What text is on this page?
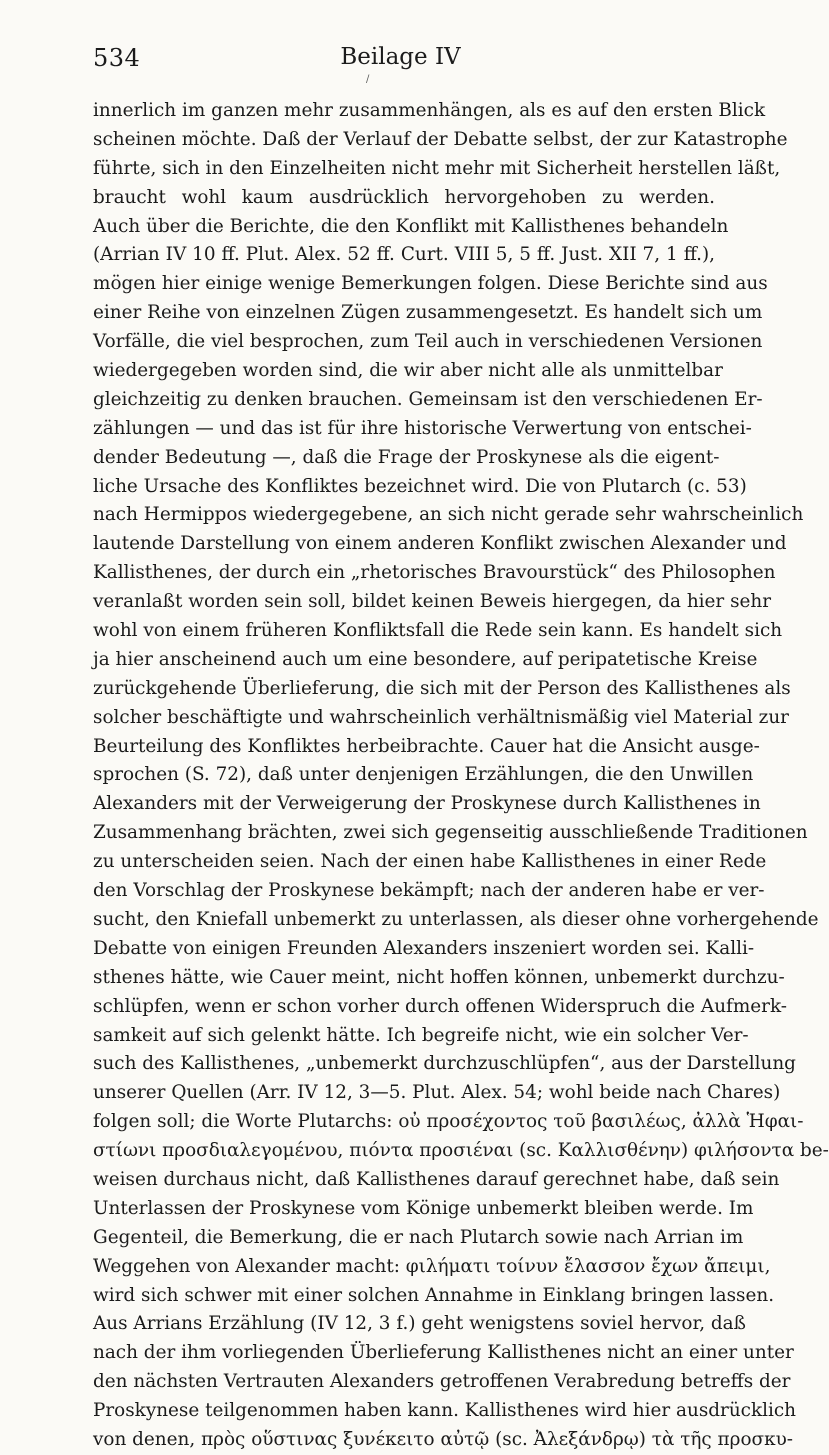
534	Beilage IV
/
innerlich im ganzen mehr zusammenhängen, als es auf den ersten Blick
scheinen möchte. Daß der Verlauf der Debatte selbst, der zur Katastrophe
führte, sich in den Einzelheiten nicht mehr mit Sicherheit herstellen läßt,
braucht wohl kaum ausdrücklich hervorgehoben zu werden.
Auch über die Berichte, die den Konflikt mit Kallisthenes behandeln
(Arrian IV 10 ff. Plut. Alex. 52 ff. Curt. VIII 5, 5 ff. Just. XII 7, 1 ff.),
mögen hier einige wenige Bemerkungen folgen. Diese Berichte sind aus
einer Reihe von einzelnen Zügen zusammengesetzt. Es handelt sich um
Vorfälle, die viel besprochen, zum Teil auch in verschiedenen Versionen
wiedergegeben worden sind, die wir aber nicht alle als unmittelbar
gleichzeitig zu denken brauchen. Gemeinsam ist den verschiedenen Er-
zählungen — und das ist für ihre historische Verwertung von entschei-
dender Bedeutung —, daß die Frage der Proskynese als die eigent-
liche Ursache des Konfliktes bezeichnet wird. Die von Plutarch (c. 53)
nach Hermippos wiedergegebene, an sich nicht gerade sehr wahrscheinlich
lautende Darstellung von einem anderen Konflikt zwischen Alexander und
Kallisthenes, der durch ein „rhetorisches Bravourstück“ des Philosophen
veranlaßt worden sein soll, bildet keinen Beweis hiergegen, da hier sehr
wohl von einem früheren Konfliktsfall die Rede sein kann. Es handelt sich
ja hier anscheinend auch um eine besondere, auf peripatetische Kreise
zurückgehende Überlieferung, die sich mit der Person des Kallisthenes als
solcher beschäftigte und wahrscheinlich verhältnismäßig viel Material zur
Beurteilung des Konfliktes herbeibrachte. Cauer hat die Ansicht ausge-
sprochen (S. 72), daß unter denjenigen Erzählungen, die den Unwillen
Alexanders mit der Verweigerung der Proskynese durch Kallisthenes in
Zusammenhang brächten, zwei sich gegenseitig ausschließende Traditionen
zu unterscheiden seien. Nach der einen habe Kallisthenes in einer Rede
den Vorschlag der Proskynese bekämpft; nach der anderen habe er ver-
sucht, den Kniefall unbemerkt zu unterlassen, als dieser ohne vorhergehende
Debatte von einigen Freunden Alexanders inszeniert worden sei. Kalli-
sthenes hätte, wie Cauer meint, nicht hoffen können, unbemerkt durchzu-
schlüpfen, wenn er schon vorher durch offenen Widerspruch die Aufmerk-
samkeit auf sich gelenkt hätte. Ich begreife nicht, wie ein solcher Ver-
such des Kallisthenes, „unbemerkt durchzuschlüpfen“, aus der Darstellung
unserer Quellen (Arr. IV 12, 3—5. Plut. Alex. 54; wohl beide nach Chares)
folgen soll; die Worte Plutarchs: οὐ προσέχοντος τοῦ βασιλέως, ἀλλὰ Ἡφαι-
στίωνι προσδιαλεγομένου, πιόντα προσιέναι (sc. Καλλισθένην) φιλήσοντα be-
weisen durchaus nicht, daß Kallisthenes darauf gerechnet habe, daß sein
Unterlassen der Proskynese vom Könige unbemerkt bleiben werde. Im
Gegenteil, die Bemerkung, die er nach Plutarch sowie nach Arrian im
Weggehen von Alexander macht: φιλήματι τοίνυν ἔλασσον ἔχων ἄπειμι,
wird sich schwer mit einer solchen Annahme in Einklang bringen lassen.
Aus Arrians Erzählung (IV 12, 3 f.) geht wenigstens soviel hervor, daß
nach der ihm vorliegenden Überlieferung Kallisthenes nicht an einer unter
den nächsten Vertrauten Alexanders getroffenen Verabredung betreffs der
Proskynese teilgenommen haben kann. Kallisthenes wird hier ausdrücklich
von denen, πρὸς οὕστινας ξυνέκειτο αὐτῷ (sc. Ἀλεξάνδρῳ) τὰ τῆς προσκυ-
